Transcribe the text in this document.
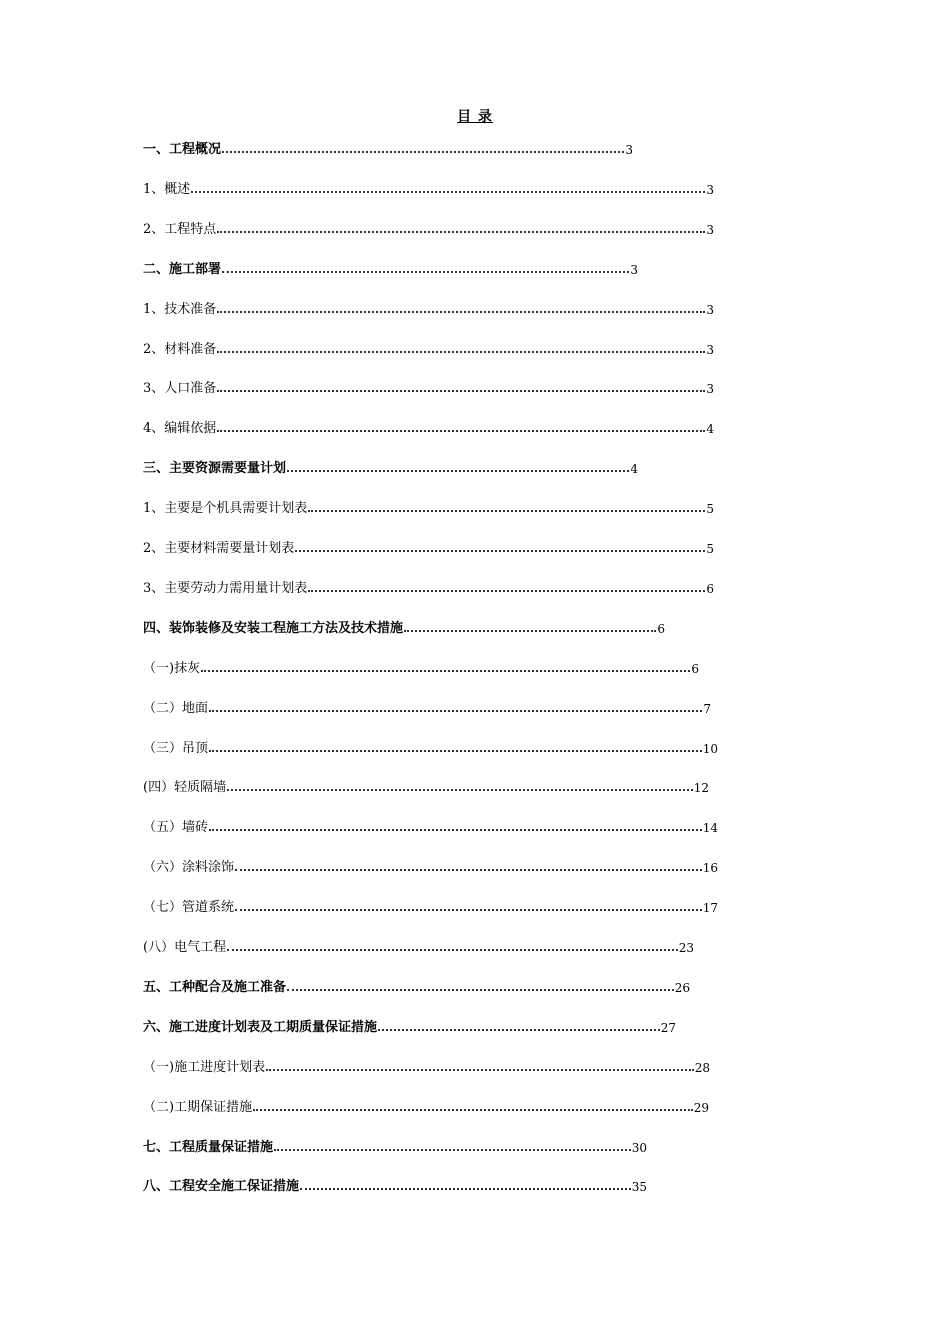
目 录
一、工程概况	3
1、概述	3
2、工程特点	3
二、施工部署	3
1、技术准备	3
2、材料准备	3
3、人口准备	3
4、编辑依据	4
三、主要资源需要量计划	4
1、主要是个机具需要计划表	5
2、主要材料需要量计划表	5
3、主要劳动力需用量计划表	6
四、装饰装修及安装工程施工方法及技术措施	6
（一)抹灰	6
（二）地面	7
（三）吊顶	10
(四）轻质隔墙	12
（五）墙砖	14
（六）涂料涂饰	16
（七）管道系统	17
(八）电气工程	23
五、工种配合及施工准备	26
六、施工进度计划表及工期质量保证措施	27
（一)施工进度计划表	28
（二)工期保证措施	29
七、工程质量保证措施	30
八、工程安全施工保证措施	35
